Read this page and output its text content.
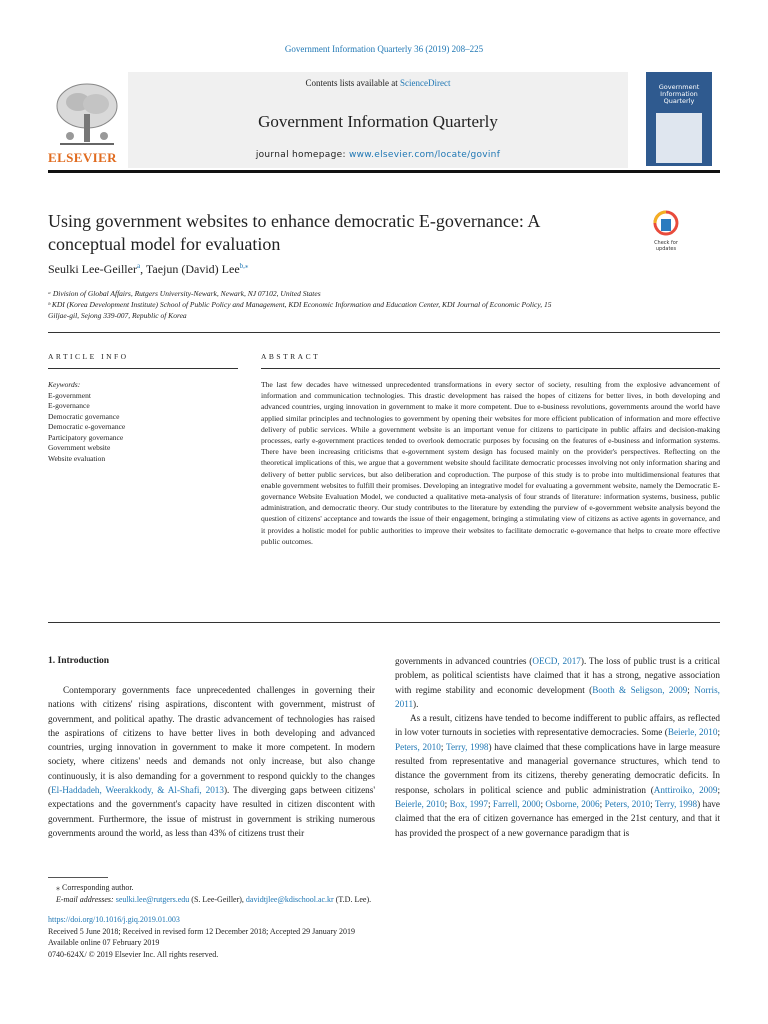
Government Information Quarterly 36 (2019) 208–225
ELSEVIER
Contents lists available at ScienceDirect
Government Information Quarterly
journal homepage: www.elsevier.com/locate/govinf
Government
Information
Quarterly
Using government websites to enhance democratic E-governance: A
conceptual model for evaluation	Check for updates
Seulki Lee-Geiller$^a$, Taejun (David) Lee$^{b,⁎}$
ᵃ Division of Global Affairs, Rutgers University-Newark, Newark, NJ 07102, United States
ᵇ KDI (Korea Development Institute) School of Public Policy and Management, KDI Economic Information and Education Center, KDI Journal of Economic Policy, 15
Giljae-gil, Sejong 339-007, Republic of Korea
ARTICLE INFO	ABSTRACT
Keywords:
E-government
E-governance
Democratic governance
Democratic e-governance
Participatory governance
Government website
Website evaluation
The last few decades have witnessed unprecedented transformations in every sector of society, resulting from the explosive advancement of information and communication technologies. This drastic development has raised the hopes of citizens for better lives, in both developing and advanced countries, urging innovation in government to make it more competent. Due to e-business revolutions, governments around the world have applied similar principles and technologies to government by opening their websites for more efficient publication of information and more effective delivery of public services. While a government website is an important venue for citizens to participate in public affairs and decision-making processes, early e-government practices tended to overlook democratic purposes by focusing on the features of e-business and information systems. There have been increasing criticisms that e-government system design has focused mainly on the provider's perspectives. Reflecting on the theoretical implications of this, we argue that a government website should facilitate democratic processes involving not only information sharing and delivery of better public services, but also deliberation and coproduction. The purpose of this study is to probe into multidimensional features that enable government websites to fulfill their promises. Developing an integrative model for evaluating a government website, namely the Democratic E-governance Website Evaluation Model, we conducted a qualitative meta-analysis of four strands of literature: information systems, business, public administration, and democratic theory. Our study contributes to the literature by extending the purview of e-government website analysis beyond the question of citizens' acceptance and towards the issue of their engagement, bringing a stimulating view of citizens as active agents in governance, and it provides a holistic model for public authorities to improve their websites to facilitate democratic e-governance that helps to create more effective public outcomes.
1. Introduction
Contemporary governments face unprecedented challenges in governing their nations with citizens' rising aspirations, discontent with government, mistrust of government, and political apathy. The drastic advancement of technologies has raised the aspirations of citizens to have better lives in both developing and advanced countries, urging innovation in government to make it more competent. In modern society, where citizens' needs and demands not only increase, but also change continuously, it is also demanding for a government to respond quickly to the changes (El-Haddadeh, Weerakkody, & Al-Shafi, 2013). The diverging gaps between citizens' expectations and the government's capacity have resulted in citizen discontent with government. Furthermore, the issue of mistrust in government is striking numerous governments around the world, as less than 43% of citizens trust their
governments in advanced countries (OECD, 2017). The loss of public trust is a critical problem, as political scientists have claimed that it has a strong, negative association with regime stability and economic development (Booth & Seligson, 2009; Norris, 2011).
As a result, citizens have tended to become indifferent to public affairs, as reflected in low voter turnouts in societies with representative democracies. Some (Beierle, 2010; Peters, 2010; Terry, 1998) have claimed that these complications have in large measure resulted from representative and managerial governance structures, which tend to distance the government from its citizens, thereby generating democratic deficits. In response, scholars in political science and public administration (Anttiroiko, 2009; Beierle, 2010; Box, 1997; Farrell, 2000; Osborne, 2006; Peters, 2010; Terry, 1998) have claimed that the era of citizen governance has emerged in the 21st century, and that it has provided the prospect of a new governance paradigm that is
⁎ Corresponding author.
E-mail addresses: seulki.lee@rutgers.edu (S. Lee-Geiller), davidtjlee@kdischool.ac.kr (T.D. Lee).
https://doi.org/10.1016/j.giq.2019.01.003
Received 5 June 2018; Received in revised form 12 December 2018; Accepted 29 January 2019
Available online 07 February 2019
0740-624X/ © 2019 Elsevier Inc. All rights reserved.
